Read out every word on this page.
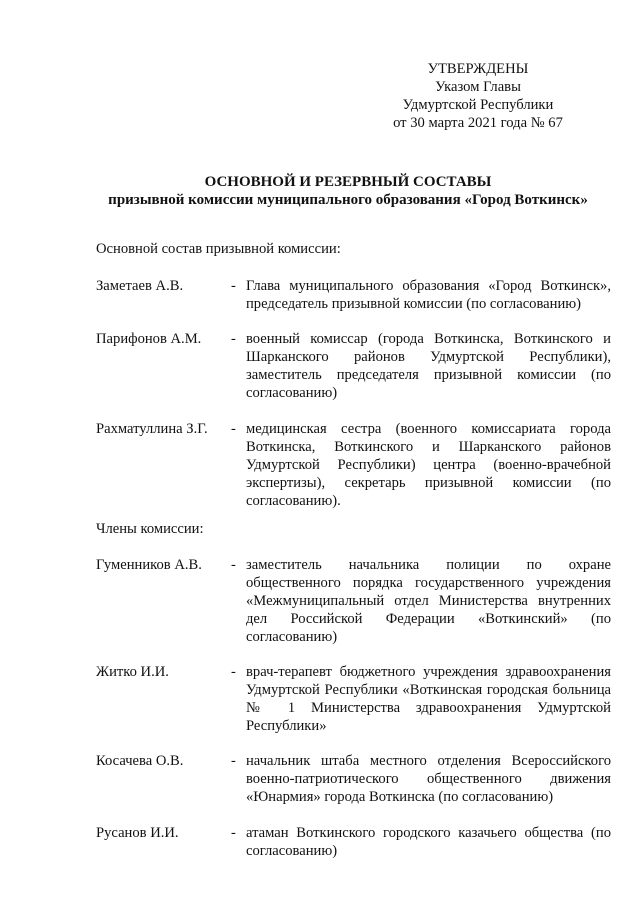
УТВЕРЖДЕНЫ
Указом Главы
Удмуртской Республики
от 30 марта 2021 года № 67
ОСНОВНОЙ И РЕЗЕРВНЫЙ СОСТАВЫ
призывной комиссии муниципального образования «Город Воткинск»
Основной состав призывной комиссии:
Заметаев А.В.	- Глава муниципального образования «Город Воткинск», председатель призывной комиссии (по согласованию)
Парифонов А.М. - военный комиссар (города Воткинска, Воткинского и Шарканского районов Удмуртской Республики), заместитель председателя призывной комиссии (по согласованию)
Рахматуллина З.Г. - медицинская сестра (военного комиссариата города Воткинска, Воткинского и Шарканского районов Удмуртской Республики) центра (военно-врачебной экспертизы), секретарь призывной комиссии (по согласованию).
Члены комиссии:
Гуменников А.В. - заместитель начальника полиции по охране общественного порядка государственного учреждения «Межмуниципальный отдел Министерства внутренних дел Российской Федерации «Воткинский» (по согласованию)
Житко И.И.	- врач-терапевт бюджетного учреждения здравоохранения Удмуртской Республики «Воткинская городская больница № 1 Министерства здравоохранения Удмуртской Республики»
Косачева О.В.	- начальник штаба местного отделения Всероссийского военно-патриотического общественного движения «Юнармия» города Воткинска (по согласованию)
Русанов И.И.	- атаман Воткинского городского казачьего общества (по согласованию)
